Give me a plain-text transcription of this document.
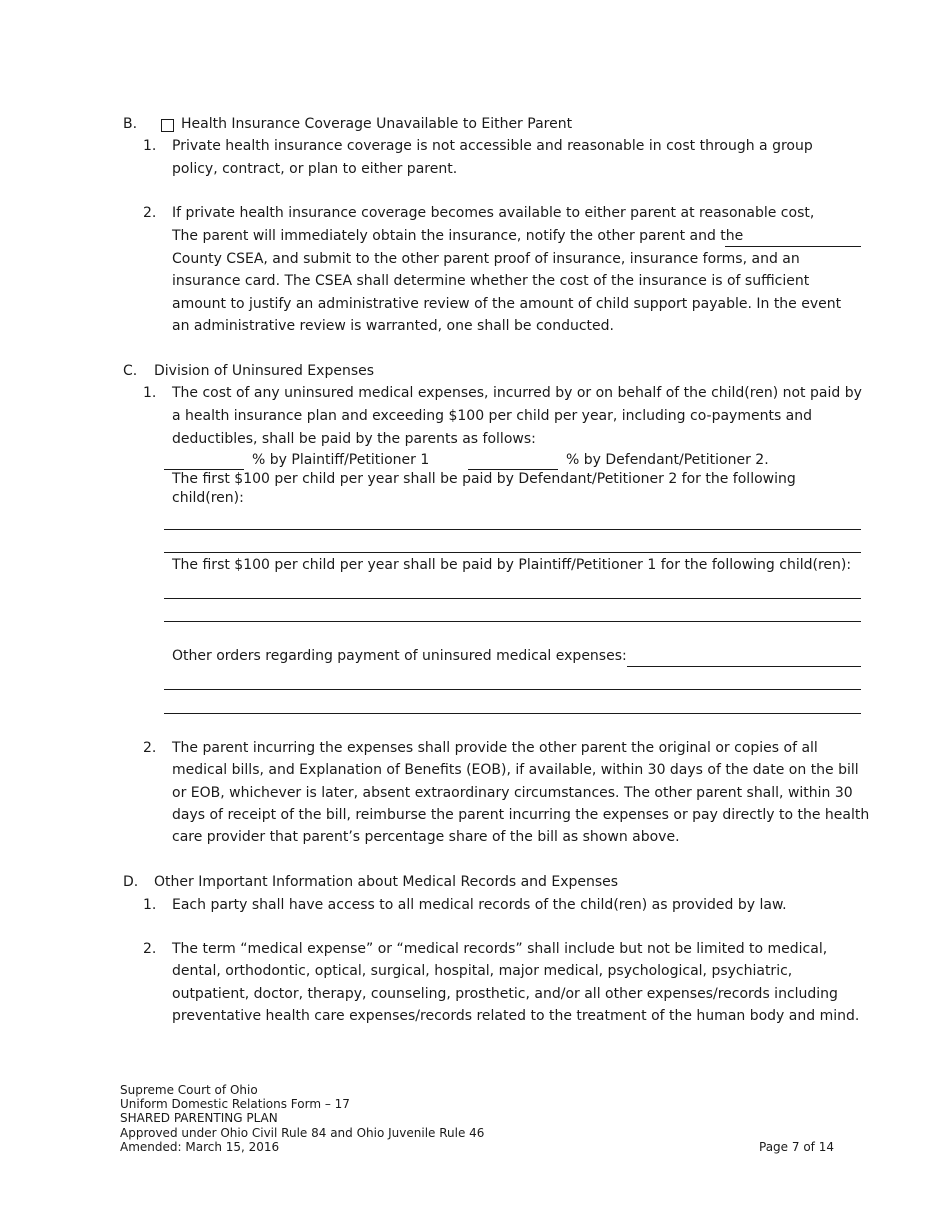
B.	Health Insurance Coverage Unavailable to Either Parent
1. Private health insurance coverage is not accessible and reasonable in cost through a group
policy, contract, or plan to either parent.
2. If private health insurance coverage becomes available to either parent at reasonable cost,
The parent will immediately obtain the insurance, notify the other parent and the
County CSEA, and submit to the other parent proof of insurance, insurance forms, and an
insurance card. The CSEA shall determine whether the cost of the insurance is of sufficient
amount to justify an administrative review of the amount of child support payable. In the event
an administrative review is warranted, one shall be conducted.
C. Division of Uninsured Expenses
1. The cost of any uninsured medical expenses, incurred by or on behalf of the child(ren) not paid by
a health insurance plan and exceeding $100 per child per year, including co-payments and
deductibles, shall be paid by the parents as follows:
% by Plaintiff/Petitioner 1	% by Defendant/Petitioner 2.
The first $100 per child per year shall be paid by Defendant/Petitioner 2 for the following
child(ren):
The first $100 per child per year shall be paid by Plaintiff/Petitioner 1 for the following child(ren):
Other orders regarding payment of uninsured medical expenses:
2. The parent incurring the expenses shall provide the other parent the original or copies of all
medical bills, and Explanation of Benefits (EOB), if available, within 30 days of the date on the bill
or EOB, whichever is later, absent extraordinary circumstances. The other parent shall, within 30
days of receipt of the bill, reimburse the parent incurring the expenses or pay directly to the health
care provider that parent’s percentage share of the bill as shown above.
D. Other Important Information about Medical Records and Expenses
1. Each party shall have access to all medical records of the child(ren) as provided by law.
2. The term “medical expense” or “medical records” shall include but not be limited to medical,
dental, orthodontic, optical, surgical, hospital, major medical, psychological, psychiatric,
outpatient, doctor, therapy, counseling, prosthetic, and/or all other expenses/records including
preventative health care expenses/records related to the treatment of the human body and mind.
Supreme Court of Ohio
Uniform Domestic Relations Form – 17
SHARED PARENTING PLAN
Approved under Ohio Civil Rule 84 and Ohio Juvenile Rule 46
Amended: March 15, 2016	Page 7 of 14
